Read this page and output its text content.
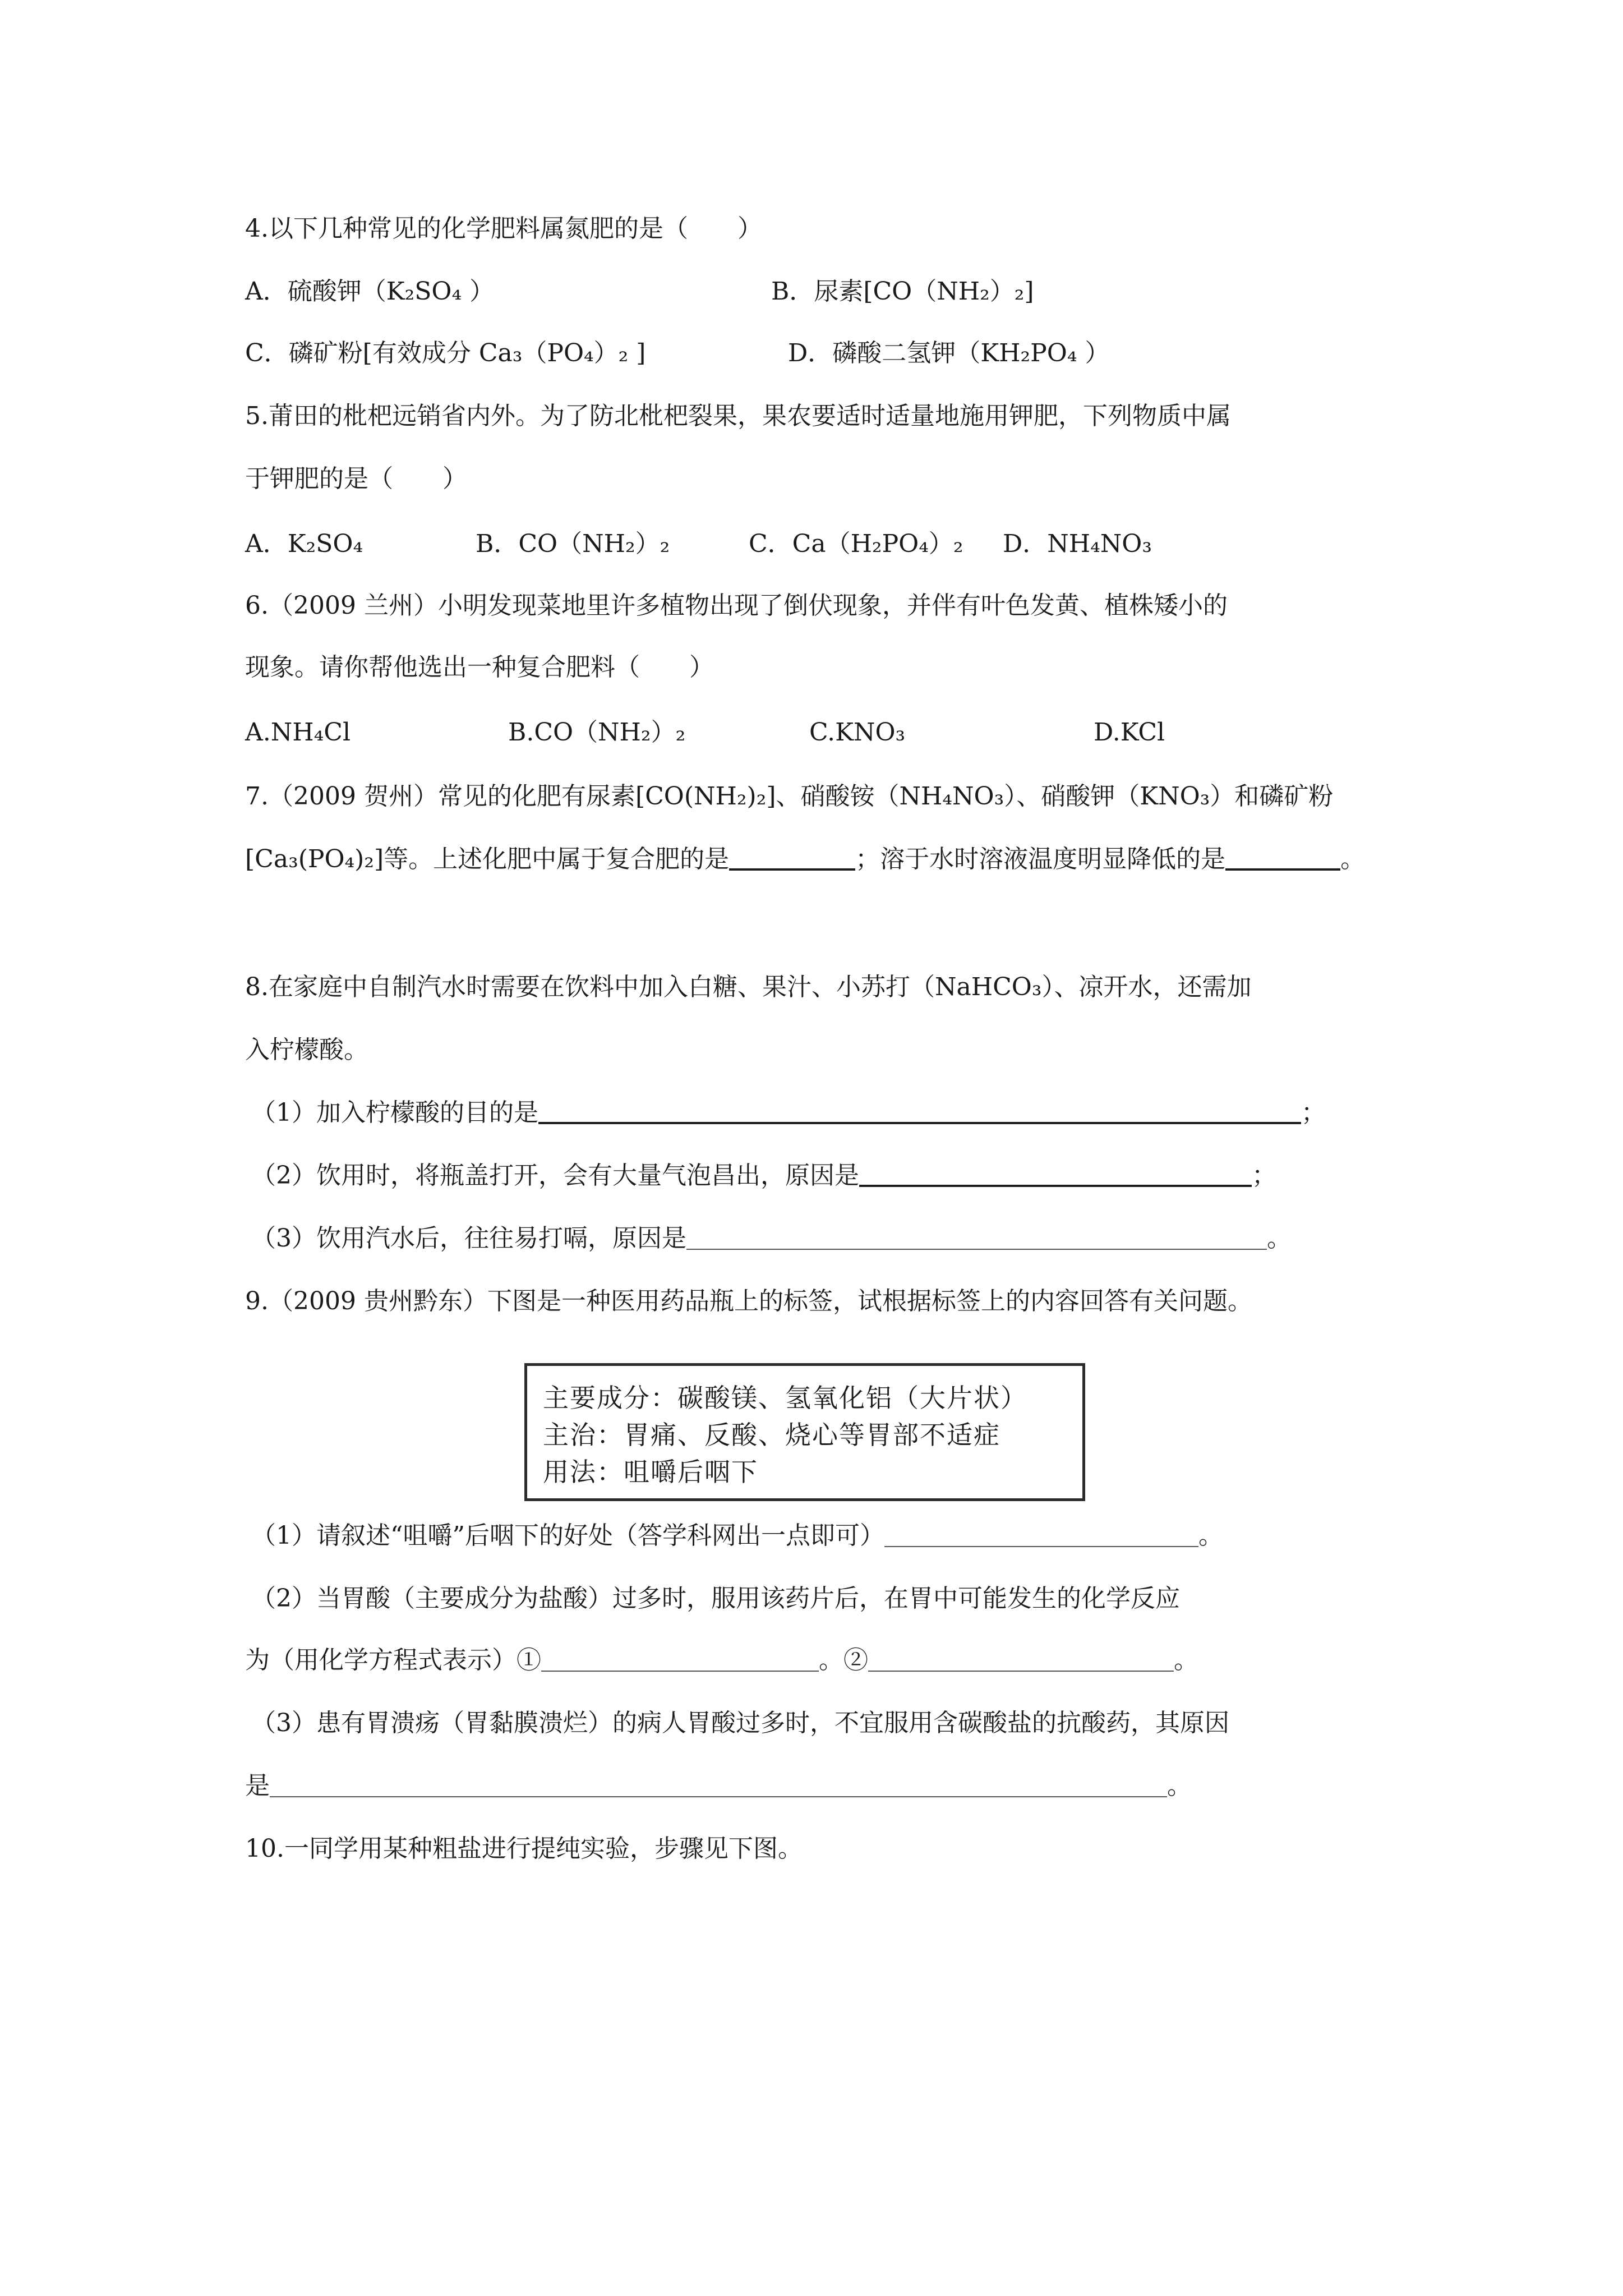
4.以下几种常见的化学肥料属氮肥的是（　　）
A．硫酸钾（K₂SO₄ ）	B．尿素[CO（NH₂）₂]
C．磷矿粉[有效成分 Ca₃（PO₄）₂ ]	D．磷酸二氢钾（KH₂PO₄ ）
5.莆田的枇杷远销省内外。为了防北枇杷裂果，果农要适时适量地施用钾肥，下列物质中属
于钾肥的是（　　）
A．K₂SO₄	B．CO（NH₂）₂	C．Ca（H₂PO₄）₂ D．NH₄NO₃
6.（2009 兰州）小明发现菜地里许多植物出现了倒伏现象，并伴有叶色发黄、植株矮小的
现象。请你帮他选出一种复合肥料（　　）
A.NH₄Cl	B.CO（NH₂）₂	C.KNO₃	D.KCl
7.（2009 贺州）常见的化肥有尿素[CO(NH₂)₂]、硝酸铵（NH₄NO₃）、硝酸钾（KNO₃）和磷矿粉
[Ca₃(PO₄)₂]等。上述化肥中属于复合肥的是	；溶于水时溶液温度明显降低的是	。
8.在家庭中自制汽水时需要在饮料中加入白糖、果汁、小苏打（NaHCO₃）、凉开水，还需加
入柠檬酸。
（1）加入柠檬酸的目的是	；
（2）饮用时，将瓶盖打开，会有大量气泡昌出，原因是	；
（3）饮用汽水后，往往易打嗝，原因是	。
9.（2009 贵州黔东）下图是一种医用药品瓶上的标签，试根据标签上的内容回答有关问题。
主要成分：碳酸镁、氢氧化铝（大片状）
主治：胃痛、反酸、烧心等胃部不适症
用法：咀嚼后咽下
（1）请叙述“咀嚼”后咽下的好处（答学科网出一点即可）	。
（2）当胃酸（主要成分为盐酸）过多时，服用该药片后，在胃中可能发生的化学反应
为（用化学方程式表示）①	。②	。
（3）患有胃溃疡（胃黏膜溃烂）的病人胃酸过多时，不宜服用含碳酸盐的抗酸药，其原因
是	。
10.一同学用某种粗盐进行提纯实验，步骤见下图。
